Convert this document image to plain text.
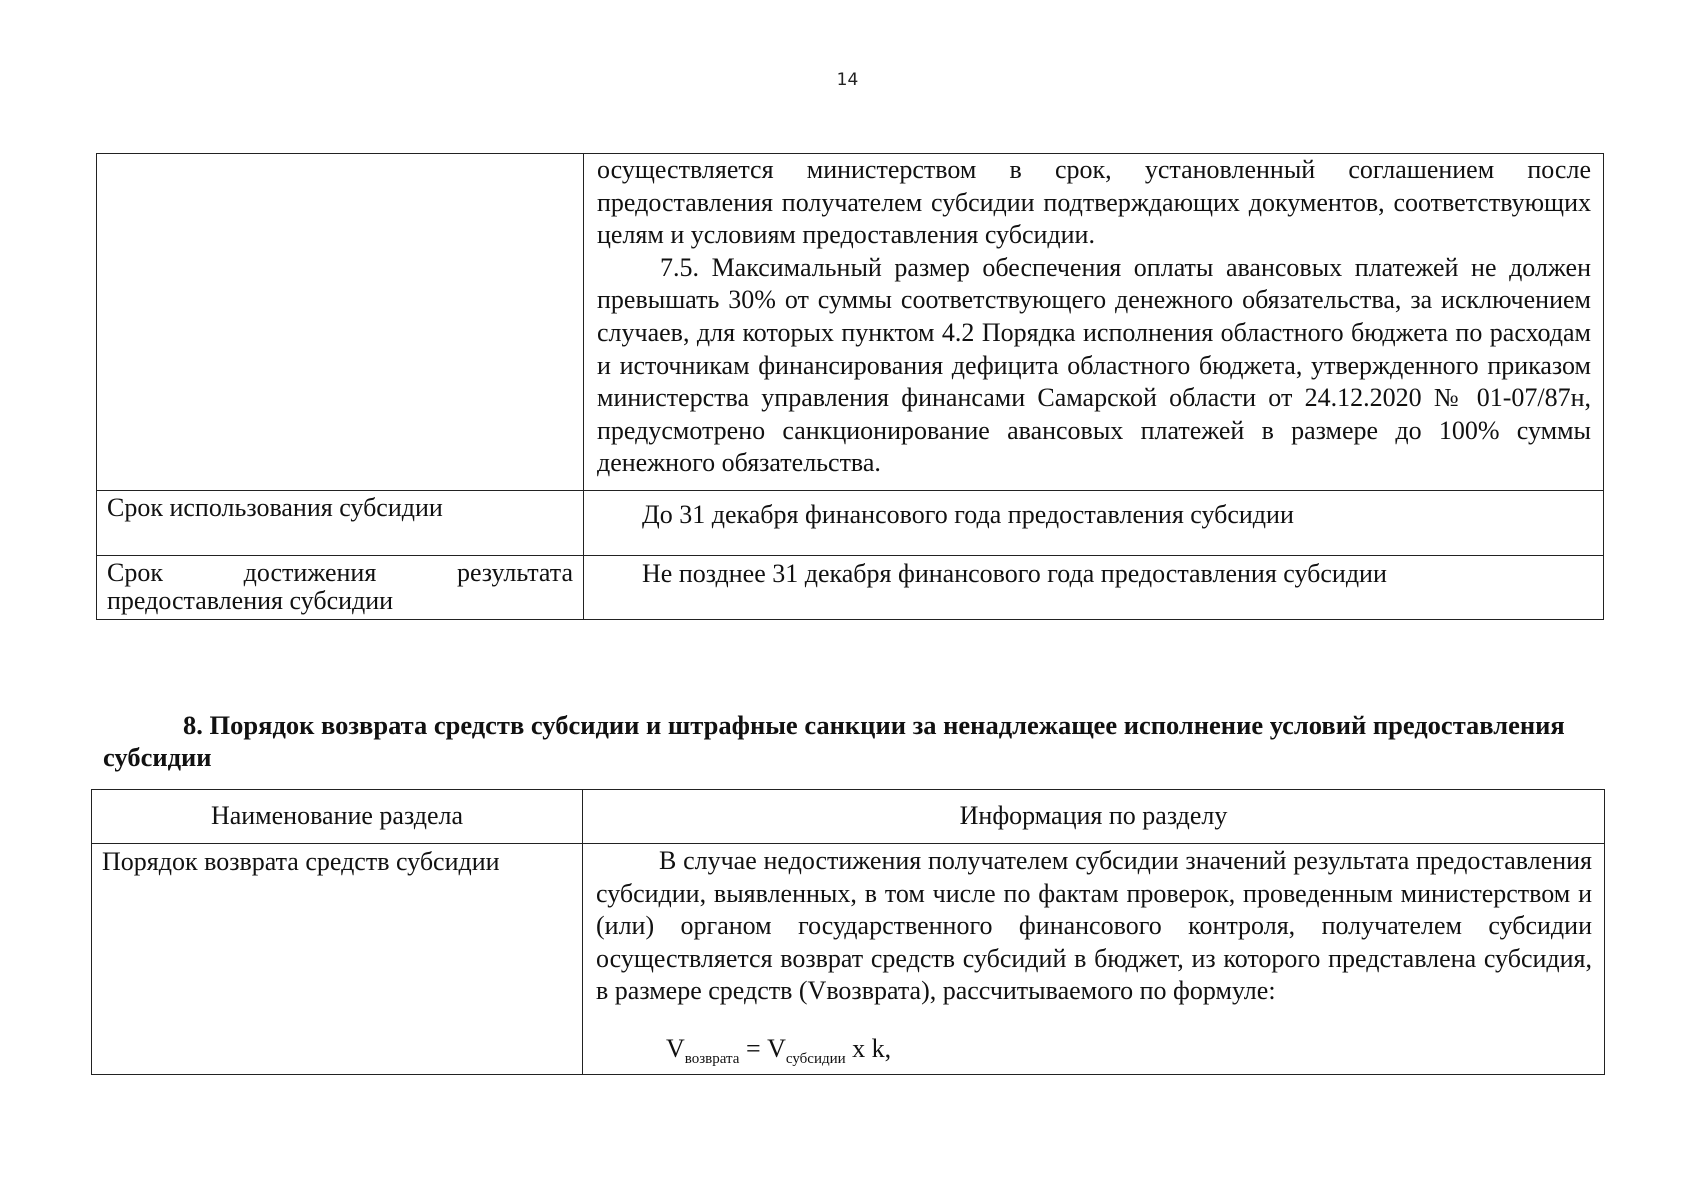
14

	осуществляется министерством в срок, установленный соглашением после предоставления получателем субсидии подтверждающих документов, соответствующих целям и условиям предоставления субсидии.

7.5. Максимальный размер обеспечения оплаты авансовых платежей не должен превышать 30% от суммы соответствующего денежного обязательства, за исключением случаев, для которых пунктом 4.2 Порядка исполнения областного бюджета по расходам и источникам финансирования дефицита областного бюджета, утвержденного приказом министерства управления финансами Самарской области от 24.12.2020 № 01-07/87н, предусмотрено санкционирование авансовых платежей в размере до 100% суммы денежного обязательства.

Срок использования субсидии	До 31 декабря финансового года предоставления субсидии
Срок достижения результата предоставления субсидии	Не позднее 31 декабря финансового года предоставления субсидии
8. Порядок возврата средств субсидии и штрафные санкции за ненадлежащее исполнение условий предоставления субсидии
Наименование раздела	Информация по разделу
Порядок возврата средств субсидии	В случае недостижения получателем субсидии значений результата предоставления субсидии, выявленных, в том числе по фактам проверок, проведенным министерством и (или) органом государственного финансового контроля, получателем субсидии осуществляется возврат средств субсидий в бюджет, из которого представлена субсидия, в размере средств (Vвозврата), рассчитываемого по формуле:

$V_{возврата} = V_{субсидии}$ x k,
